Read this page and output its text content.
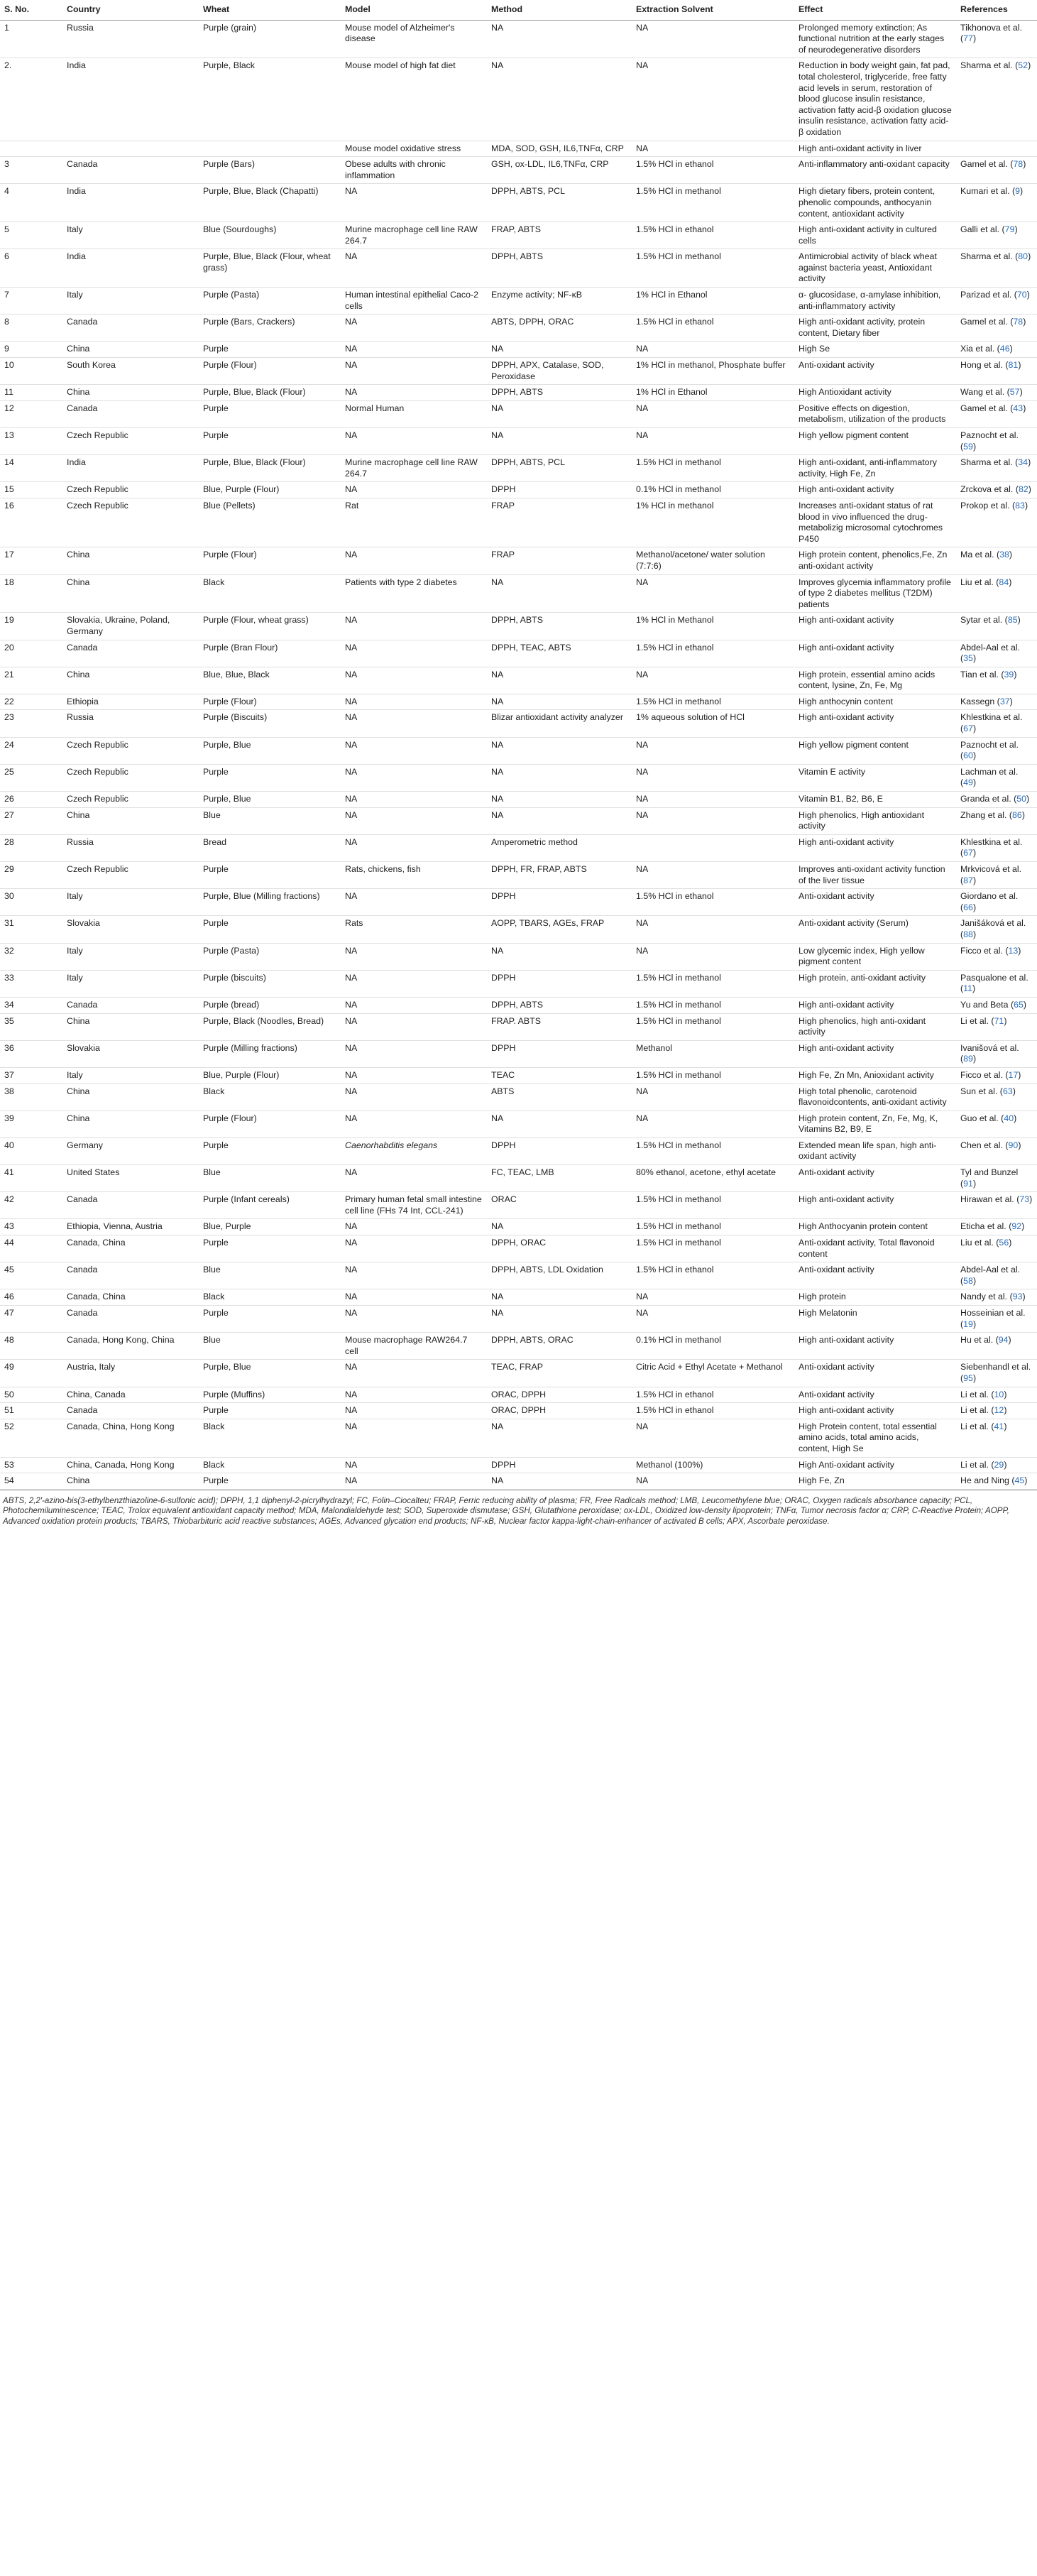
S. No.	Country	Wheat	Model	Method	Extraction Solvent	Effect	References
1	Russia	Purple (grain)	Mouse model of Alzheimer's disease	NA	NA	Prolonged memory extinction; As functional nutrition at the early stages of neurodegenerative disorders	Tikhonova et al. (77)
2.	India	Purple, Black	Mouse model of high fat diet	NA	NA	Reduction in body weight gain, fat pad, total cholesterol, triglyceride, free fatty acid levels in serum, restoration of blood glucose insulin resistance, activation fatty acid-β oxidation glucose insulin resistance, activation fatty acid-β oxidation	Sharma et al. (52)
			Mouse model oxidative stress	MDA, SOD, GSH, IL6,TNFα, CRP	NA	High anti-oxidant activity in liver	
3	Canada	Purple (Bars)	Obese adults with chronic inflammation	GSH, ox-LDL, IL6,TNFα, CRP	1.5% HCl in ethanol	Anti-inflammatory anti-oxidant capacity	Gamel et al. (78)
4	India	Purple, Blue, Black (Chapatti)	NA	DPPH, ABTS, PCL	1.5% HCl in methanol	High dietary fibers, protein content, phenolic compounds, anthocyanin content, antioxidant activity	Kumari et al. (9)
5	Italy	Blue (Sourdoughs)	Murine macrophage cell line RAW 264.7	FRAP, ABTS	1.5% HCl in ethanol	High anti-oxidant activity in cultured cells	Galli et al. (79)
6	India	Purple, Blue, Black (Flour, wheat grass)	NA	DPPH, ABTS	1.5% HCl in methanol	Antimicrobial activity of black wheat against bacteria yeast, Antioxidant activity	Sharma et al. (80)
7	Italy	Purple (Pasta)	Human intestinal epithelial Caco-2 cells	Enzyme activity; NF-κB	1% HCl in Ethanol	α- glucosidase, α-amylase inhibition, anti-inflammatory activity	Parizad et al. (70)
8	Canada	Purple (Bars, Crackers)	NA	ABTS, DPPH, ORAC	1.5% HCl in ethanol	High anti-oxidant activity, protein content, Dietary fiber	Gamel et al. (78)
9	China	Purple	NA	NA	NA	High Se	Xia et al. (46)
10	South Korea	Purple (Flour)	NA	DPPH, APX, Catalase, SOD, Peroxidase	1% HCl in methanol, Phosphate buffer	Anti-oxidant activity	Hong et al. (81)
11	China	Purple, Blue, Black (Flour)	NA	DPPH, ABTS	1% HCl in Ethanol	High Antioxidant activity	Wang et al. (57)
12	Canada	Purple	Normal Human	NA	NA	Positive effects on digestion, metabolism, utilization of the products	Gamel et al. (43)
13	Czech Republic	Purple	NA	NA	NA	High yellow pigment content	Paznocht et al. (59)
14	India	Purple, Blue, Black (Flour)	Murine macrophage cell line RAW 264.7	DPPH, ABTS, PCL	1.5% HCl in methanol	High anti-oxidant, anti-inflammatory activity, High Fe, Zn	Sharma et al. (34)
15	Czech Republic	Blue, Purple (Flour)	NA	DPPH	0.1% HCl in methanol	High anti-oxidant activity	Zrckova et al. (82)
16	Czech Republic	Blue (Pellets)	Rat	FRAP	1% HCl in methanol	Increases anti-oxidant status of rat blood in vivo influenced the drug- metabolizig microsomal cytochromes P450	Prokop et al. (83)
17	China	Purple (Flour)	NA	FRAP	Methanol/acetone/ water solution (7:7:6)	High protein content, phenolics,Fe, Zn anti-oxidant activity	Ma et al. (38)
18	China	Black	Patients with type 2 diabetes	NA	NA	Improves glycemia inflammatory profile of type 2 diabetes mellitus (T2DM) patients	Liu et al. (84)
19	Slovakia, Ukraine, Poland, Germany	Purple (Flour, wheat grass)	NA	DPPH, ABTS	1% HCl in Methanol	High anti-oxidant activity	Sytar et al. (85)
20	Canada	Purple (Bran Flour)	NA	DPPH, TEAC, ABTS	1.5% HCl in ethanol	High anti-oxidant activity	Abdel-Aal et al. (35)
21	China	Blue, Blue, Black	NA	NA	NA	High protein, essential amino acids content, lysine, Zn, Fe, Mg	Tian et al. (39)
22	Ethiopia	Purple (Flour)	NA	NA	1.5% HCl in methanol	High anthocynin content	Kassegn (37)
23	Russia	Purple (Biscuits)	NA	Blizar antioxidant activity analyzer	1% aqueous solution of HCl	High anti-oxidant activity	Khlestkina et al. (67)
24	Czech Republic	Purple, Blue	NA	NA	NA	High yellow pigment content	Paznocht et al. (60)
25	Czech Republic	Purple	NA	NA	NA	Vitamin E activity	Lachman et al. (49)
26	Czech Republic	Purple, Blue	NA	NA	NA	Vitamin B1, B2, B6, E	Granda et al. (50)
27	China	Blue	NA	NA	NA	High phenolics, High antioxidant activity	Zhang et al. (86)
28	Russia	Bread	NA	Amperometric method		High anti-oxidant activity	Khlestkina et al. (67)
29	Czech Republic	Purple	Rats, chickens, fish	DPPH, FR, FRAP, ABTS	NA	Improves anti-oxidant activity function of the liver tissue	Mrkvicová et al. (87)
30	Italy	Purple, Blue (Milling fractions)	NA	DPPH	1.5% HCl in ethanol	Anti-oxidant activity	Giordano et al. (66)
31	Slovakia	Purple	Rats	AOPP, TBARS, AGEs, FRAP	NA	Anti-oxidant activity (Serum)	Janišáková et al. (88)
32	Italy	Purple (Pasta)	NA	NA	NA	Low glycemic index, High yellow pigment content	Ficco et al. (13)
33	Italy	Purple (biscuits)	NA	DPPH	1.5% HCl in methanol	High protein, anti-oxidant activity	Pasqualone et al. (11)
34	Canada	Purple (bread)	NA	DPPH, ABTS	1.5% HCl in methanol	High anti-oxidant activity	Yu and Beta (65)
35	China	Purple, Black (Noodles, Bread)	NA	FRAP. ABTS	1.5% HCl in methanol	High phenolics, high anti-oxidant activity	Li et al. (71)
36	Slovakia	Purple (Milling fractions)	NA	DPPH	Methanol	High anti-oxidant activity	Ivanišová et al. (89)
37	Italy	Blue, Purple (Flour)	NA	TEAC	1.5% HCl in methanol	High Fe, Zn Mn, Anioxidant activity	Ficco et al. (17)
38	China	Black	NA	ABTS	NA	High total phenolic, carotenoid flavonoidcontents, anti-oxidant activity	Sun et al. (63)
39	China	Purple (Flour)	NA	NA	NA	High protein content, Zn, Fe, Mg, K, Vitamins B2, B9, E	Guo et al. (40)
40	Germany	Purple	Caenorhabditis elegans	DPPH	1.5% HCl in methanol	Extended mean life span, high anti-oxidant activity	Chen et al. (90)
41	United States	Blue	NA	FC, TEAC, LMB	80% ethanol, acetone, ethyl acetate	Anti-oxidant activity	Tyl and Bunzel (91)
42	Canada	Purple (Infant cereals)	Primary human fetal small intestine cell line (FHs 74 Int, CCL-241)	ORAC	1.5% HCl in methanol	High anti-oxidant activity	Hirawan et al. (73)
43	Ethiopia, Vienna, Austria	Blue, Purple	NA	NA	1.5% HCl in methanol	High Anthocyanin protein content	Eticha et al. (92)
44	Canada, China	Purple	NA	DPPH, ORAC	1.5% HCl in methanol	Anti-oxidant activity, Total flavonoid content	Liu et al. (56)
45	Canada	Blue	NA	DPPH, ABTS, LDL Oxidation	1.5% HCl in ethanol	Anti-oxidant activity	Abdel-Aal et al. (58)
46	Canada, China	Black	NA	NA	NA	High protein	Nandy et al. (93)
47	Canada	Purple	NA	NA	NA	High Melatonin	Hosseinian et al. (19)
48	Canada, Hong Kong, China	Blue	Mouse macrophage RAW264.7 cell	DPPH, ABTS, ORAC	0.1% HCl in methanol	High anti-oxidant activity	Hu et al. (94)
49	Austria, Italy	Purple, Blue	NA	TEAC, FRAP	Citric Acid + Ethyl Acetate + Methanol	Anti-oxidant activity	Siebenhandl et al. (95)
50	China, Canada	Purple (Muffins)	NA	ORAC, DPPH	1.5% HCl in ethanol	Anti-oxidant activity	Li et al. (10)
51	Canada	Purple	NA	ORAC, DPPH	1.5% HCl in ethanol	High anti-oxidant activity	Li et al. (12)
52	Canada, China, Hong Kong	Black	NA	NA	NA	High Protein content, total essential amino acids, total amino acids, content, High Se	Li et al. (41)
53	China, Canada, Hong Kong	Black	NA	DPPH	Methanol (100%)	High Anti-oxidant activity	Li et al. (29)
54	China	Purple	NA	NA	NA	High Fe, Zn	He and Ning (45)
ABTS, 2,2′-azino-bis(3-ethylbenzthiazoline-6-sulfonic acid); DPPH, 1,1 diphenyl-2-picrylhydrazyl; FC, Folin–Ciocalteu; FRAP, Ferric reducing ability of plasma; FR, Free Radicals method; LMB, Leucomethylene blue; ORAC, Oxygen radicals absorbance capacity; PCL, Photochemiluminescence; TEAC, Trolox equivalent antioxidant capacity method; MDA, Malondialdehyde test; SOD, Superoxide dismutase; GSH, Glutathione peroxidase; ox-LDL, Oxidized low-density lipoprotein; TNFα, Tumor necrosis factor α; CRP, C-Reactive Protein; AOPP, Advanced oxidation protein products; TBARS, Thiobarbituric acid reactive substances; AGEs, Advanced glycation end products; NF-κB, Nuclear factor kappa-light-chain-enhancer of activated B cells; APX, Ascorbate peroxidase.
